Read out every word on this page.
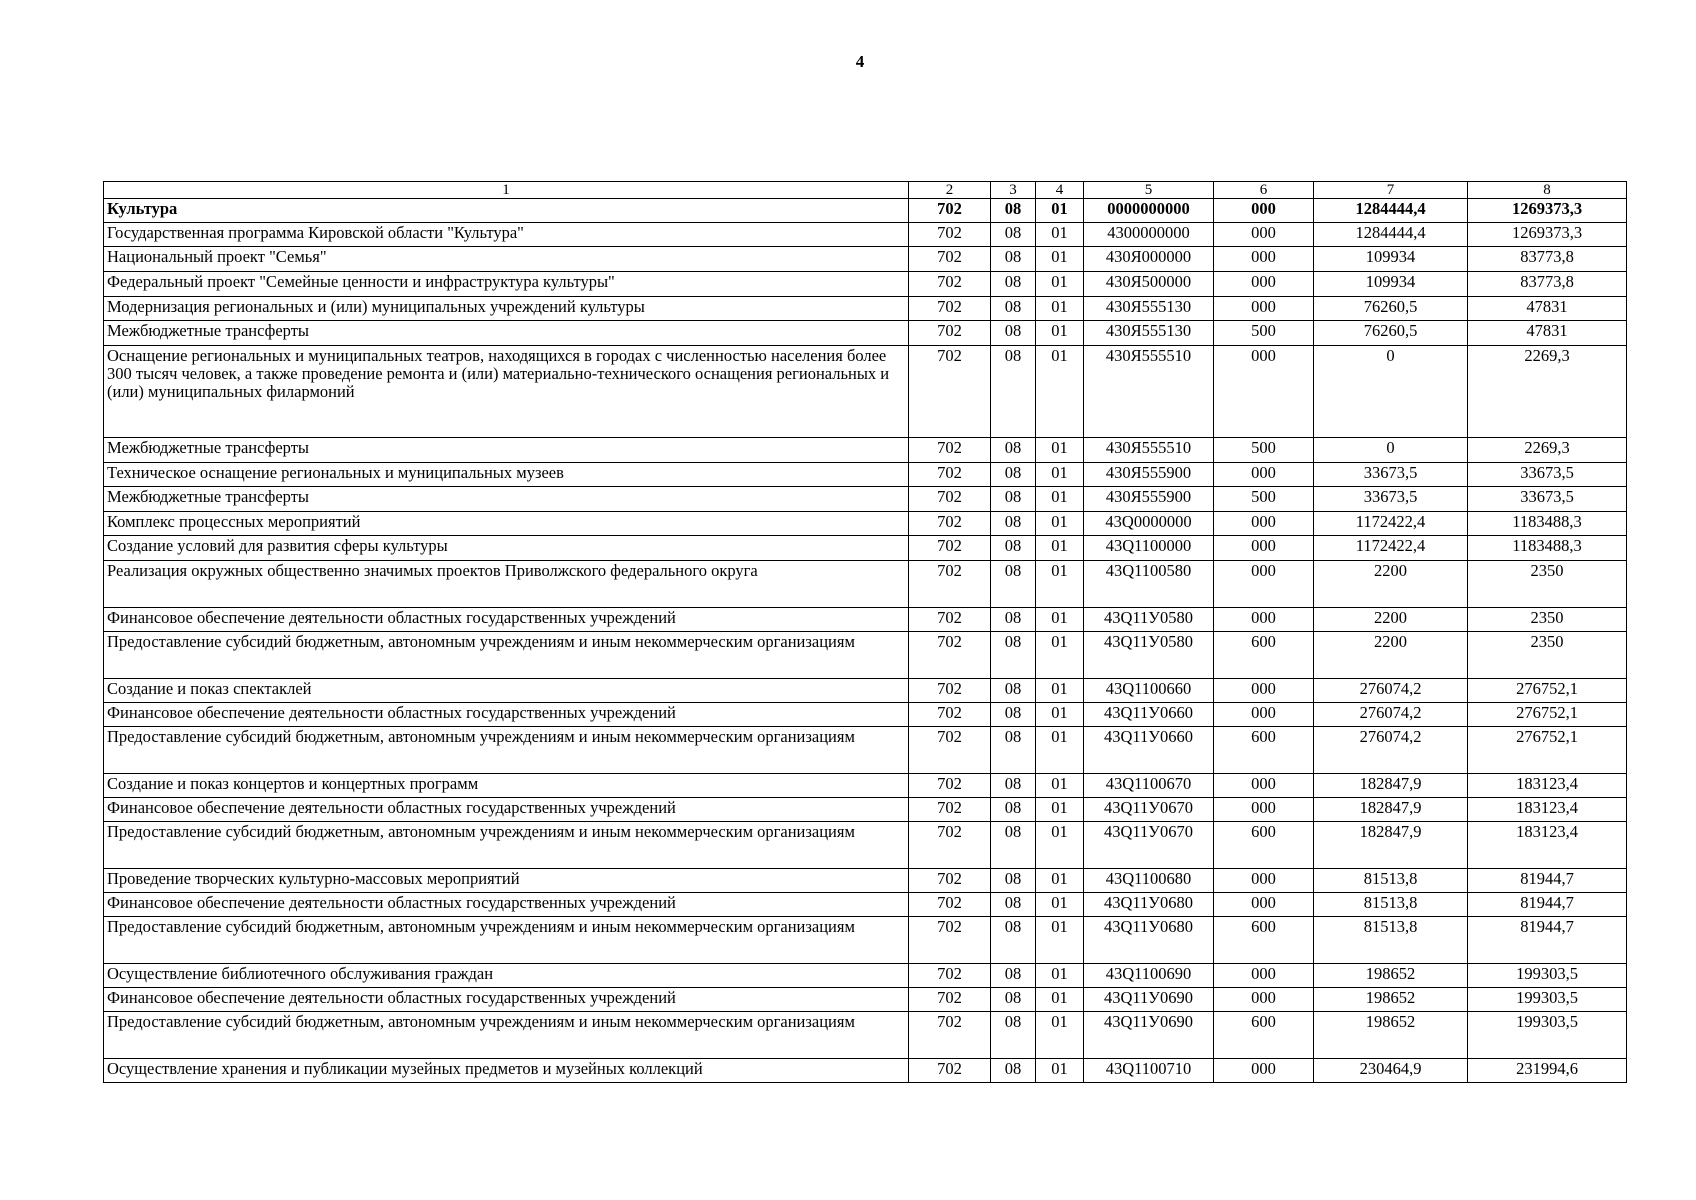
4
1	2	3	4	5	6	7	8
Культура	702	08	01	0000000000	000	1284444,4	1269373,3
Государственная программа Кировской области "Культура"	702	08	01	4300000000	000	1284444,4	1269373,3
Национальный проект "Семья"	702	08	01	430Я000000	000	109934	83773,8
Федеральный проект "Семейные ценности и инфраструктура культуры"	702	08	01	430Я500000	000	109934	83773,8
Модернизация региональных и (или) муниципальных учреждений культуры	702	08	01	430Я555130	000	76260,5	47831
Межбюджетные трансферты	702	08	01	430Я555130	500	76260,5	47831
Оснащение региональных и муниципальных театров, находящихся в городах с численностью населения более 300 тысяч человек, а также проведение ремонта и (или) материально-технического оснащения региональных и (или) муниципальных филармоний	702	08	01	430Я555510	000	0	2269,3
Межбюджетные трансферты	702	08	01	430Я555510	500	0	2269,3
Техническое оснащение региональных и муниципальных музеев	702	08	01	430Я555900	000	33673,5	33673,5
Межбюджетные трансферты	702	08	01	430Я555900	500	33673,5	33673,5
Комплекс процессных мероприятий	702	08	01	43Q0000000	000	1172422,4	1183488,3
Создание условий для развития сферы культуры	702	08	01	43Q1100000	000	1172422,4	1183488,3
Реализация окружных общественно значимых проектов Приволжского федерального округа	702	08	01	43Q1100580	000	2200	2350
Финансовое обеспечение деятельности областных государственных учреждений	702	08	01	43Q11У0580	000	2200	2350
Предоставление субсидий бюджетным, автономным учреждениям и иным некоммерческим организациям	702	08	01	43Q11У0580	600	2200	2350
Создание и показ спектаклей	702	08	01	43Q1100660	000	276074,2	276752,1
Финансовое обеспечение деятельности областных государственных учреждений	702	08	01	43Q11У0660	000	276074,2	276752,1
Предоставление субсидий бюджетным, автономным учреждениям и иным некоммерческим организациям	702	08	01	43Q11У0660	600	276074,2	276752,1
Создание и показ концертов и концертных программ	702	08	01	43Q1100670	000	182847,9	183123,4
Финансовое обеспечение деятельности областных государственных учреждений	702	08	01	43Q11У0670	000	182847,9	183123,4
Предоставление субсидий бюджетным, автономным учреждениям и иным некоммерческим организациям	702	08	01	43Q11У0670	600	182847,9	183123,4
Проведение творческих культурно-массовых мероприятий	702	08	01	43Q1100680	000	81513,8	81944,7
Финансовое обеспечение деятельности областных государственных учреждений	702	08	01	43Q11У0680	000	81513,8	81944,7
Предоставление субсидий бюджетным, автономным учреждениям и иным некоммерческим организациям	702	08	01	43Q11У0680	600	81513,8	81944,7
Осуществление библиотечного обслуживания граждан	702	08	01	43Q1100690	000	198652	199303,5
Финансовое обеспечение деятельности областных государственных учреждений	702	08	01	43Q11У0690	000	198652	199303,5
Предоставление субсидий бюджетным, автономным учреждениям и иным некоммерческим организациям	702	08	01	43Q11У0690	600	198652	199303,5
Осуществление хранения и публикации музейных предметов и музейных коллекций	702	08	01	43Q1100710	000	230464,9	231994,6
